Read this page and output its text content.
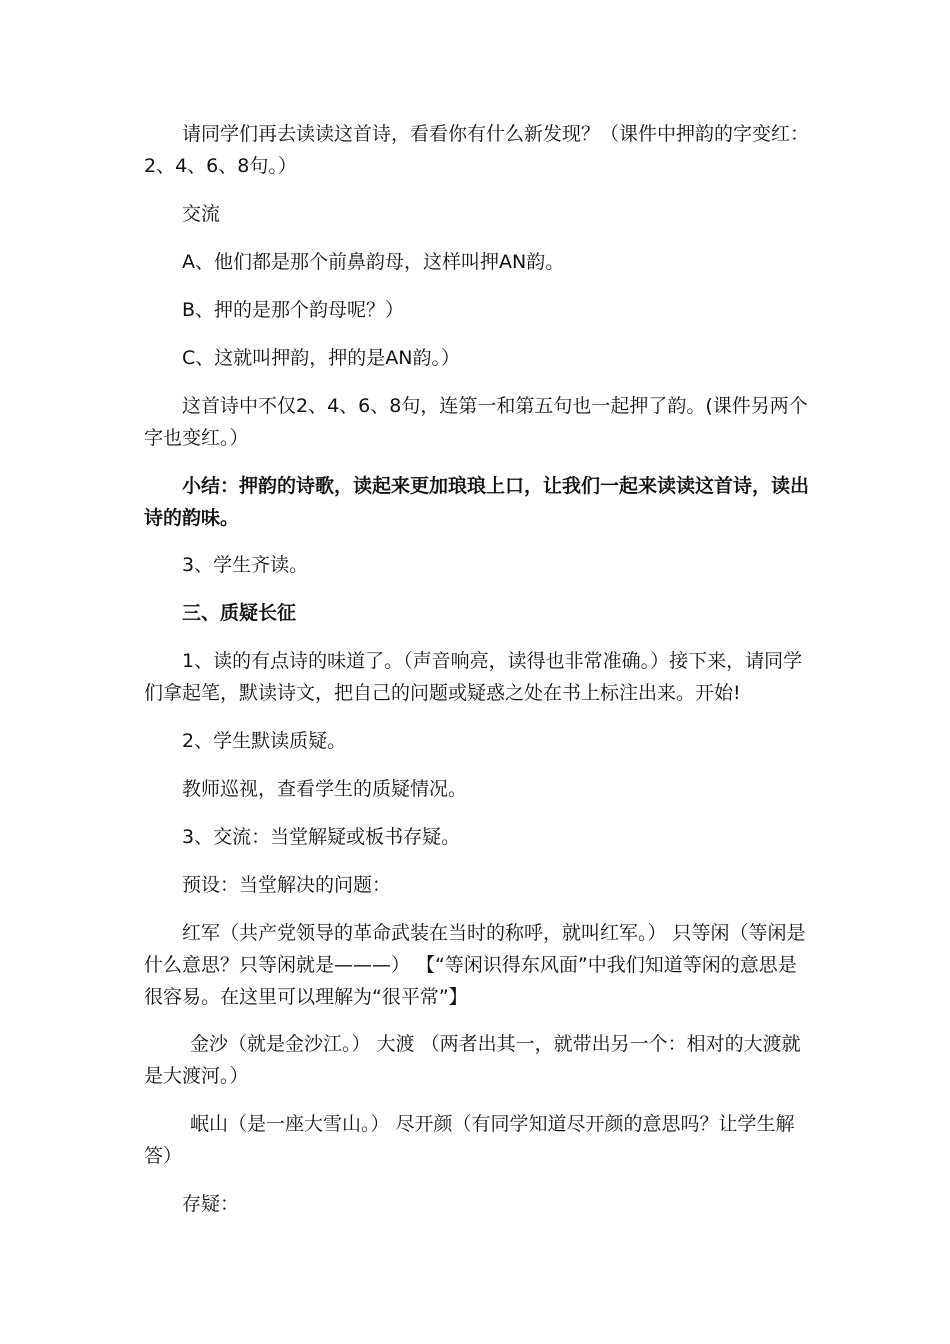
请同学们再去读读这首诗，看看你有什么新发现？（课件中押韵的字变红：2、4、6、8句。）

交流

A、他们都是那个前鼻韵母，这样叫押AN韵。

B、押的是那个韵母呢？）

C、这就叫押韵，押的是AN韵。）

这首诗中不仅2、4、6、8句，连第一和第五句也一起押了韵。(课件另两个字也变红。）

小结：押韵的诗歌，读起来更加琅琅上口，让我们一起来读读这首诗，读出诗的韵味。

3、学生齐读。

三、质疑长征

1、读的有点诗的味道了。（声音响亮，读得也非常准确。）接下来，请同学们拿起笔，默读诗文，把自己的问题或疑惑之处在书上标注出来。开始!

2、学生默读质疑。

教师巡视，查看学生的质疑情况。

3、交流：当堂解疑或板书存疑。

预设：当堂解决的问题：

红军（共产党领导的革命武装在当时的称呼，就叫红军。） 只等闲（等闲是什么意思？只等闲就是———） 【“等闲识得东风面”中我们知道等闲的意思是很容易。在这里可以理解为“很平常”】

金沙（就是金沙江。） 大渡 （两者出其一，就带出另一个：相对的大渡就是大渡河。）

岷山（是一座大雪山。） 尽开颜（有同学知道尽开颜的意思吗？让学生解答）

存疑：
